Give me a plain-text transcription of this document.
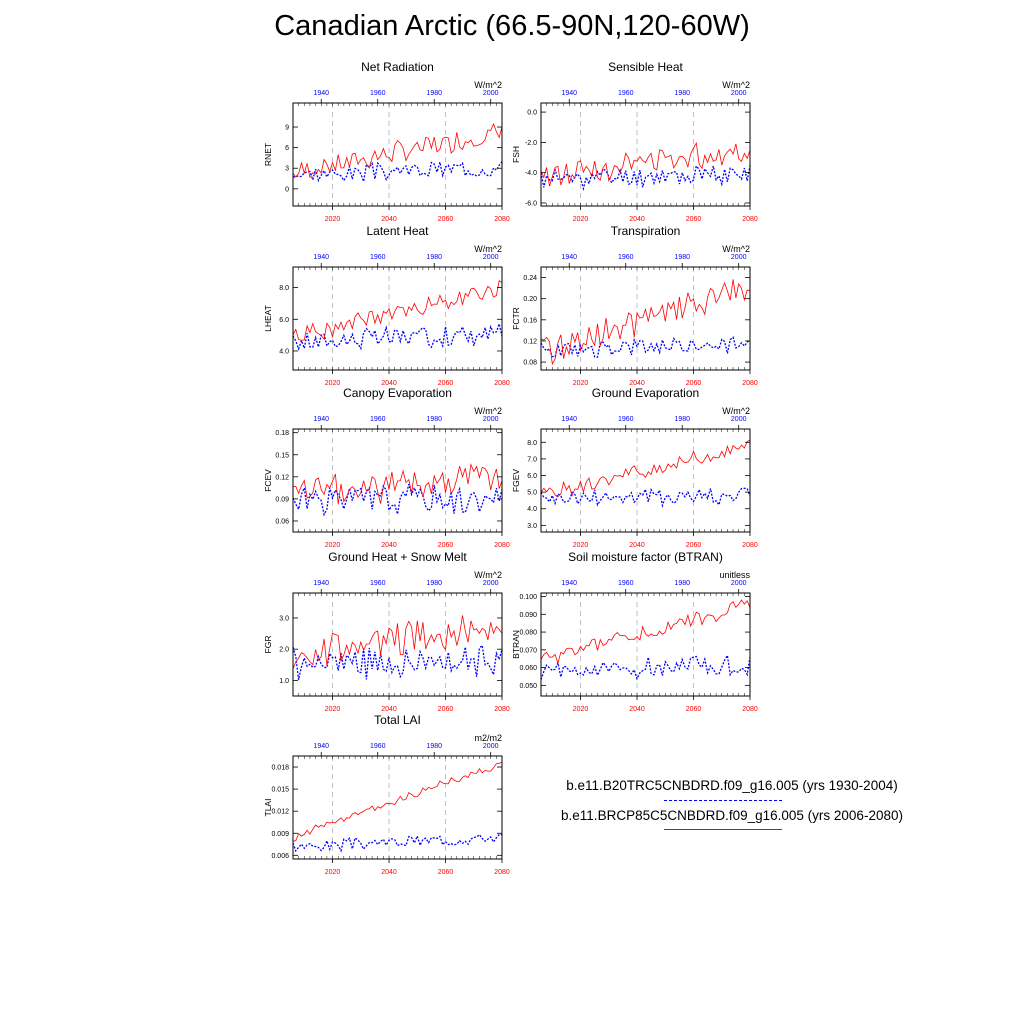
Canadian Arctic (66.5-90N,120-60W)
Net Radiation
W/m^2
0
3
6
9
RNET
2020	2040	2060	2080
1940	1960	1980	2000
Sensible Heat
W/m^2
-6.0
-4.0
-2.0
0.0
FSH
2020	2040	2060	2080
1940	1960	1980	2000
Latent Heat
W/m^2
4.0
6.0
8.0
LHEAT
2020	2040	2060	2080
1940	1960	1980	2000
Transpiration
W/m^2
0.08
0.12
0.16
0.20
0.24
FCTR
2020	2040	2060	2080
1940	1960	1980	2000
Canopy Evaporation
W/m^2
0.06
0.09
0.12
0.15
0.18
FCEV
2020	2040	2060	2080
1940	1960	1980	2000
Ground Evaporation
W/m^2
3.0
4.0
5.0
6.0
7.0
8.0
FGEV
2020	2040	2060	2080
1940	1960	1980	2000
Ground Heat + Snow Melt
W/m^2
1.0
2.0
3.0
FGR
2020	2040	2060	2080
1940	1960	1980	2000
Soil moisture factor (BTRAN)
unitless
0.050
0.060
0.070
0.080
0.090
0.100
BTRAN
2020	2040	2060	2080
1940	1960	1980	2000
Total LAI
m2/m2
0.006
0.009
0.012
0.015
0.018
TLAI
2020	2040	2060	2080
1940	1960	1980	2000
b.e11.B20TRC5CNBDRD.f09_g16.005 (yrs 1930-2004)
b.e11.BRCP85C5CNBDRD.f09_g16.005 (yrs 2006-2080)
